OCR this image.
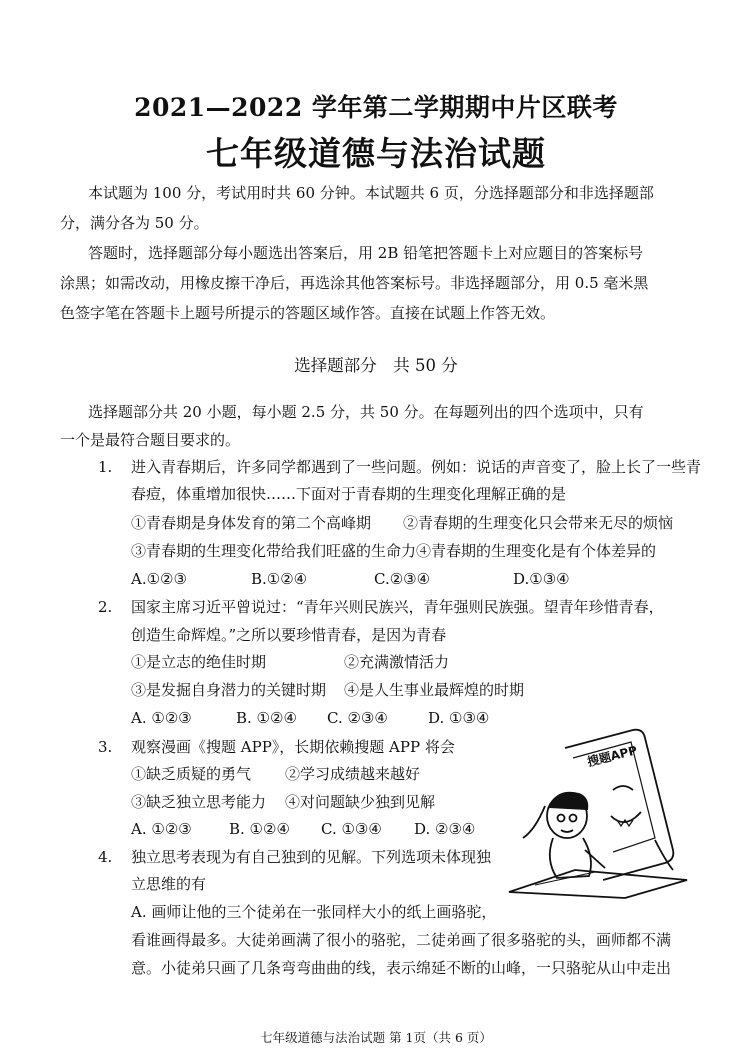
2021—2022 学年第二学期期中片区联考
七年级道德与法治试题
本试题为 100 分，考试用时共 60 分钟。本试题共 6 页，分选择题部分和非选择题部
分，满分各为 50 分。
答题时，选择题部分每小题选出答案后，用 2B 铅笔把答题卡上对应题目的答案标号
涂黑；如需改动，用橡皮擦干净后，再选涂其他答案标号。非选择题部分，用 0.5 毫米黑
色签字笔在答题卡上题号所提示的答题区域作答。直接在试题上作答无效。
选择题部分　共 50 分
选择题部分共 20 小题，每小题 2.5 分，共 50 分。在每题列出的四个选项中，只有
一个是最符合题目要求的。
1. 进入青春期后，许多同学都遇到了一些问题。例如：说话的声音变了，脸上长了一些青
春痘，体重增加很快……下面对于青春期的生理变化理解正确的是
①青春期是身体发育的第二个高峰期 ②青春期的生理变化只会带来无尽的烦恼
③青春期的生理变化带给我们旺盛的生命力 ④青春期的生理变化是有个体差异的
A.①②③	B.①②④	C.②③④	D.①③④
2. 国家主席习近平曾说过：“青年兴则民族兴，青年强则民族强。望青年珍惜青春，
创造生命辉煌。”之所以要珍惜青春，是因为青春
①是立志的绝佳时期	②充满激情活力
③是发掘自身潜力的关键时期 ④是人生事业最辉煌的时期
A. ①②③	B. ①②④ C. ②③④	D. ①③④
3. 观察漫画《搜题 APP》，长期依赖搜题 APP 将会
①缺乏质疑的勇气 ②学习成绩越来越好
③缺乏独立思考能力 ④对问题缺少独到见解
A. ①②③ B. ①②④ C. ①③④ D. ②③④
搜题APP
4. 独立思考表现为有自己独到的见解。下列选项未体现独
立思维的有
A. 画师让他的三个徒弟在一张同样大小的纸上画骆驼，
看谁画得最多。大徒弟画满了很小的骆驼，二徒弟画了很多骆驼的头，画师都不满
意。小徒弟只画了几条弯弯曲曲的线，表示绵延不断的山峰，一只骆驼从山中走出
七年级道德与法治试题 第 1页（共 6 页）
